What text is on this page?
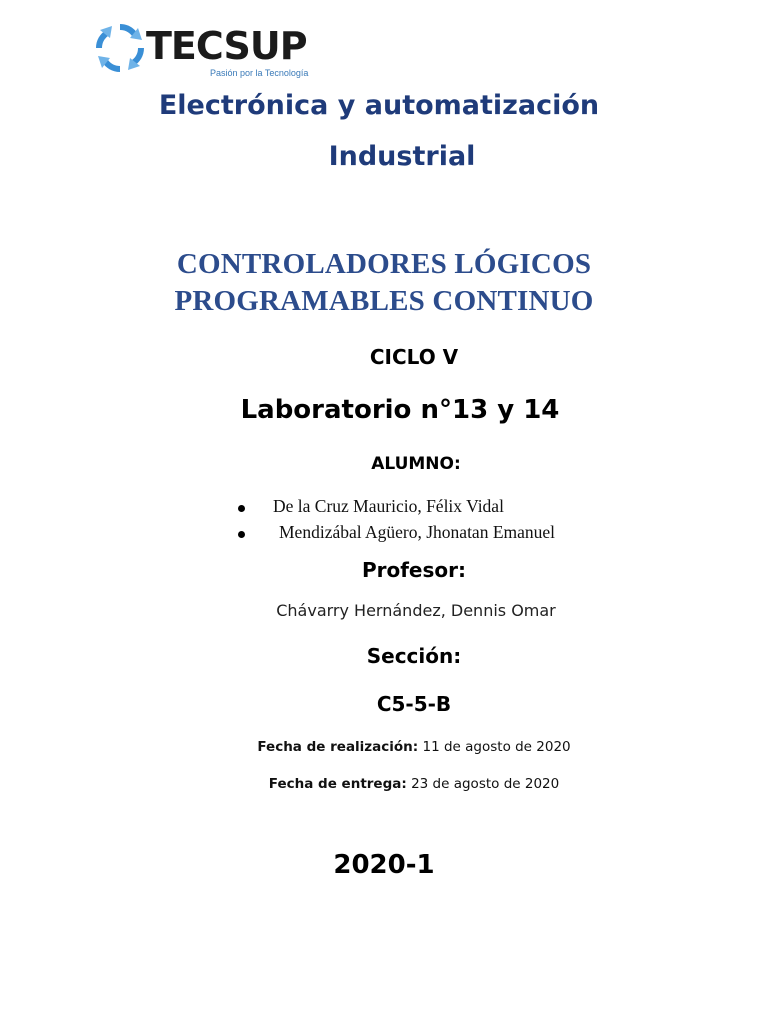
TECSUP
Pasión por la Tecnología
Electrónica y automatización
Industrial
CONTROLADORES LÓGICOS
PROGRAMABLES CONTINUO
CICLO V
Laboratorio n°13 y 14
ALUMNO:
De la Cruz Mauricio, Félix Vidal
Mendizábal Agüero, Jhonatan Emanuel
Profesor:
Chávarry Hernández, Dennis Omar
Sección:
C5-5-B
Fecha de realización: 11 de agosto de 2020
Fecha de entrega: 23 de agosto de 2020
2020-1
